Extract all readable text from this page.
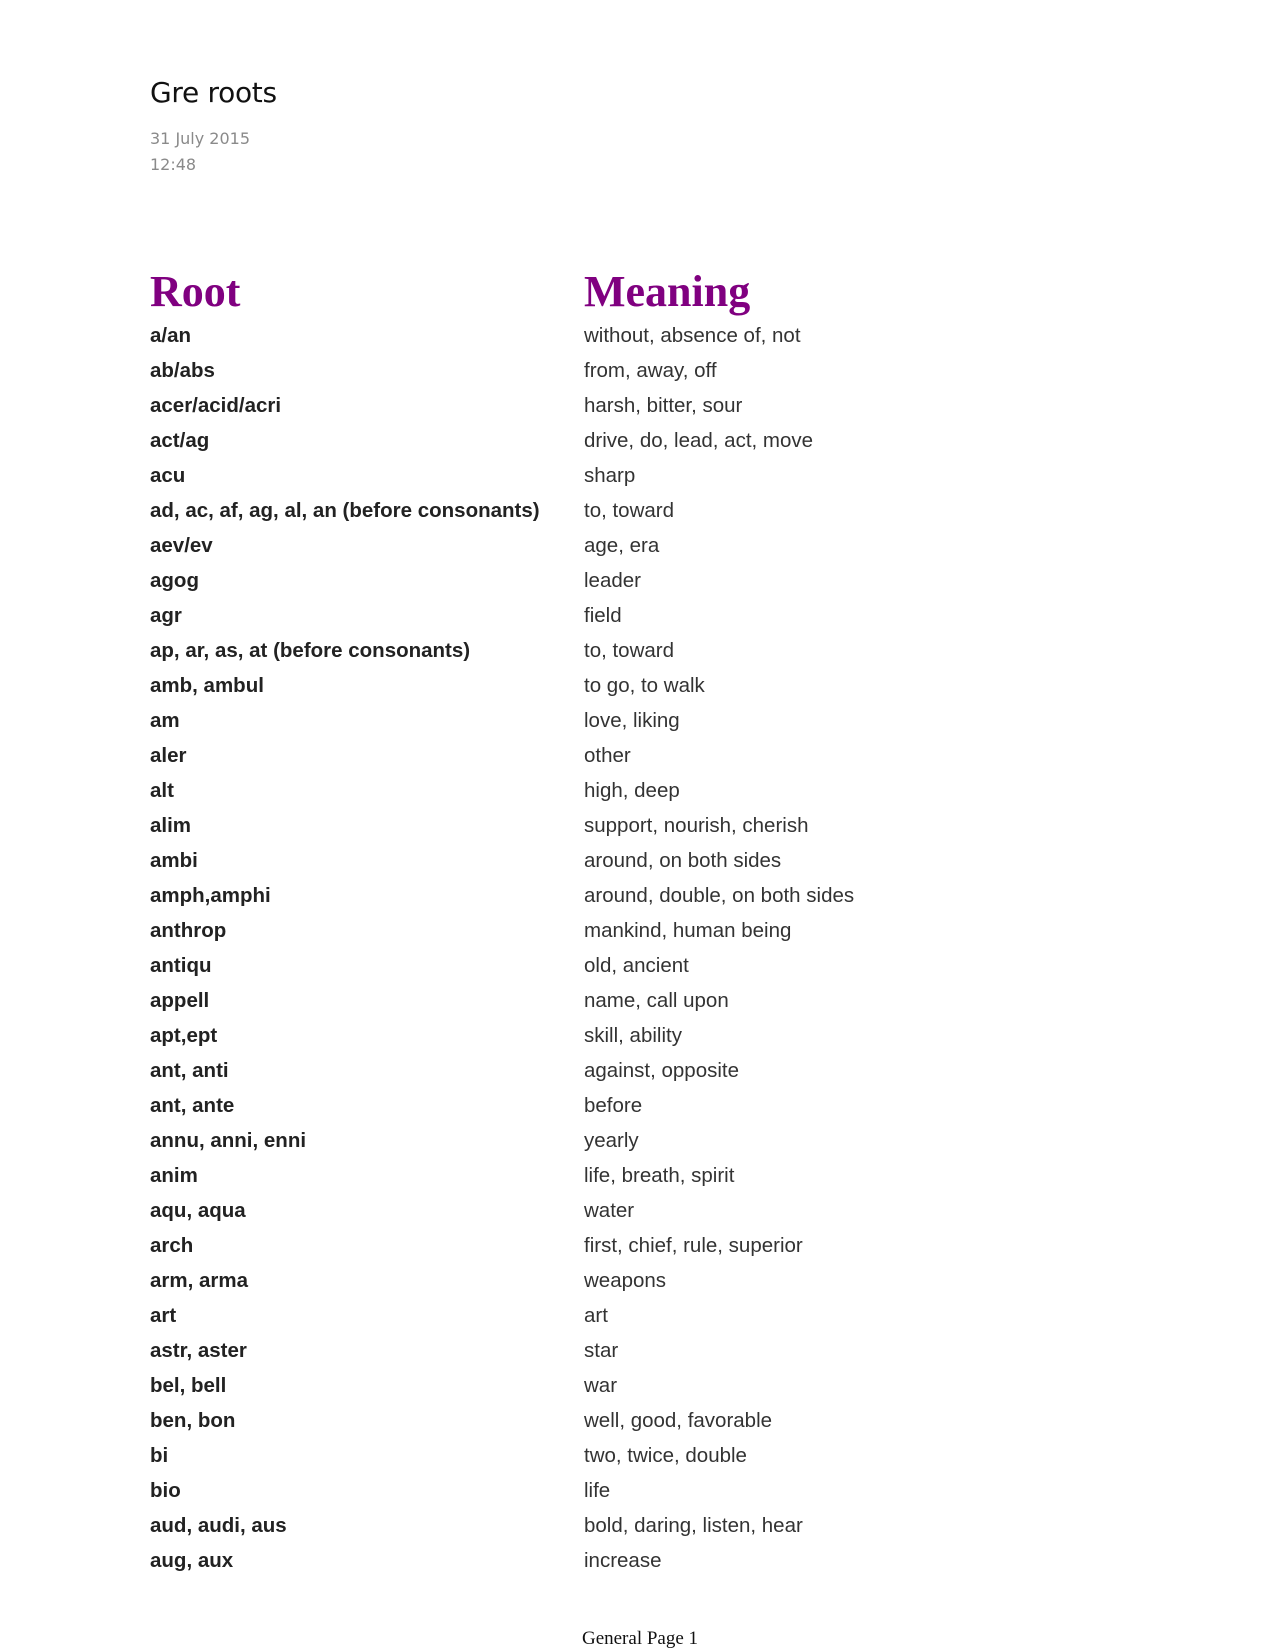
Gre roots
31 July 2015
12:48
Root	Meaning
a/an	without, absence of, not
ab/abs	from, away, off
acer/acid/acri	harsh, bitter, sour
act/ag	drive, do, lead, act, move
acu	sharp
ad, ac, af, ag, al, an (before consonants)	to, toward
aev/ev	age, era
agog	leader
agr	field
ap, ar, as, at (before consonants)	to, toward
amb, ambul	to go, to walk
am	love, liking
aler	other
alt	high, deep
alim	support, nourish, cherish
ambi	around, on both sides
amph,amphi	around, double, on both sides
anthrop	mankind, human being
antiqu	old, ancient
appell	name, call upon
apt,ept	skill, ability
ant, anti	against, opposite
ant, ante	before
annu, anni, enni	yearly
anim	life, breath, spirit
aqu, aqua	water
arch	first, chief, rule, superior
arm, arma	weapons
art	art
astr, aster	star
bel, bell	war
ben, bon	well, good, favorable
bi	two, twice, double
bio	life
aud, audi, aus	bold, daring, listen, hear
aug, aux	increase
General Page 1
